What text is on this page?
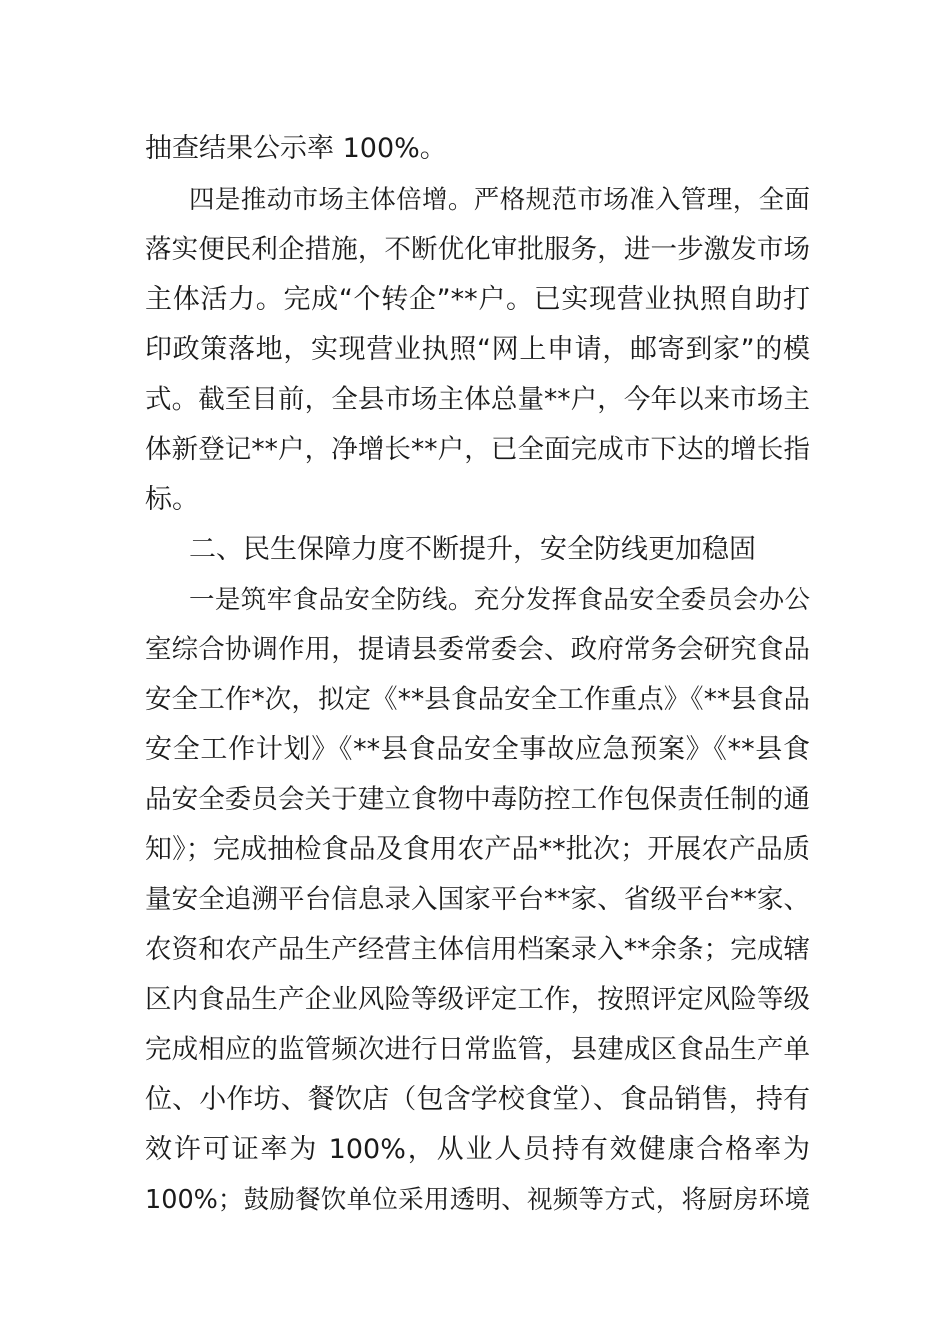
抽查结果公示率 100%。
四是推动市场主体倍增。严格规范市场准入管理，全面
落实便民利企措施，不断优化审批服务，进一步激发市场
主体活力。完成“个转企”**户。已实现营业执照自助打
印政策落地，实现营业执照“网上申请，邮寄到家”的模
式。截至目前，全县市场主体总量**户，今年以来市场主
体新登记**户，净增长**户，已全面完成市下达的增长指
标。
二、民生保障力度不断提升，安全防线更加稳固
一是筑牢食品安全防线。充分发挥食品安全委员会办公
室综合协调作用，提请县委常委会、政府常务会研究食品
安全工作*次，拟定《**县食品安全工作重点》《**县食品
安全工作计划》《**县食品安全事故应急预案》《**县食
品安全委员会关于建立食物中毒防控工作包保责任制的通
知》；完成抽检食品及食用农产品**批次；开展农产品质
量安全追溯平台信息录入国家平台**家、省级平台**家、
农资和农产品生产经营主体信用档案录入**余条；完成辖
区内食品生产企业风险等级评定工作，按照评定风险等级
完成相应的监管频次进行日常监管，县建成区食品生产单
位、小作坊、餐饮店（包含学校食堂）、食品销售，持有
效许可证率为 100%，从业人员持有效健康合格率为
100%；鼓励餐饮单位采用透明、视频等方式，将厨房环境
